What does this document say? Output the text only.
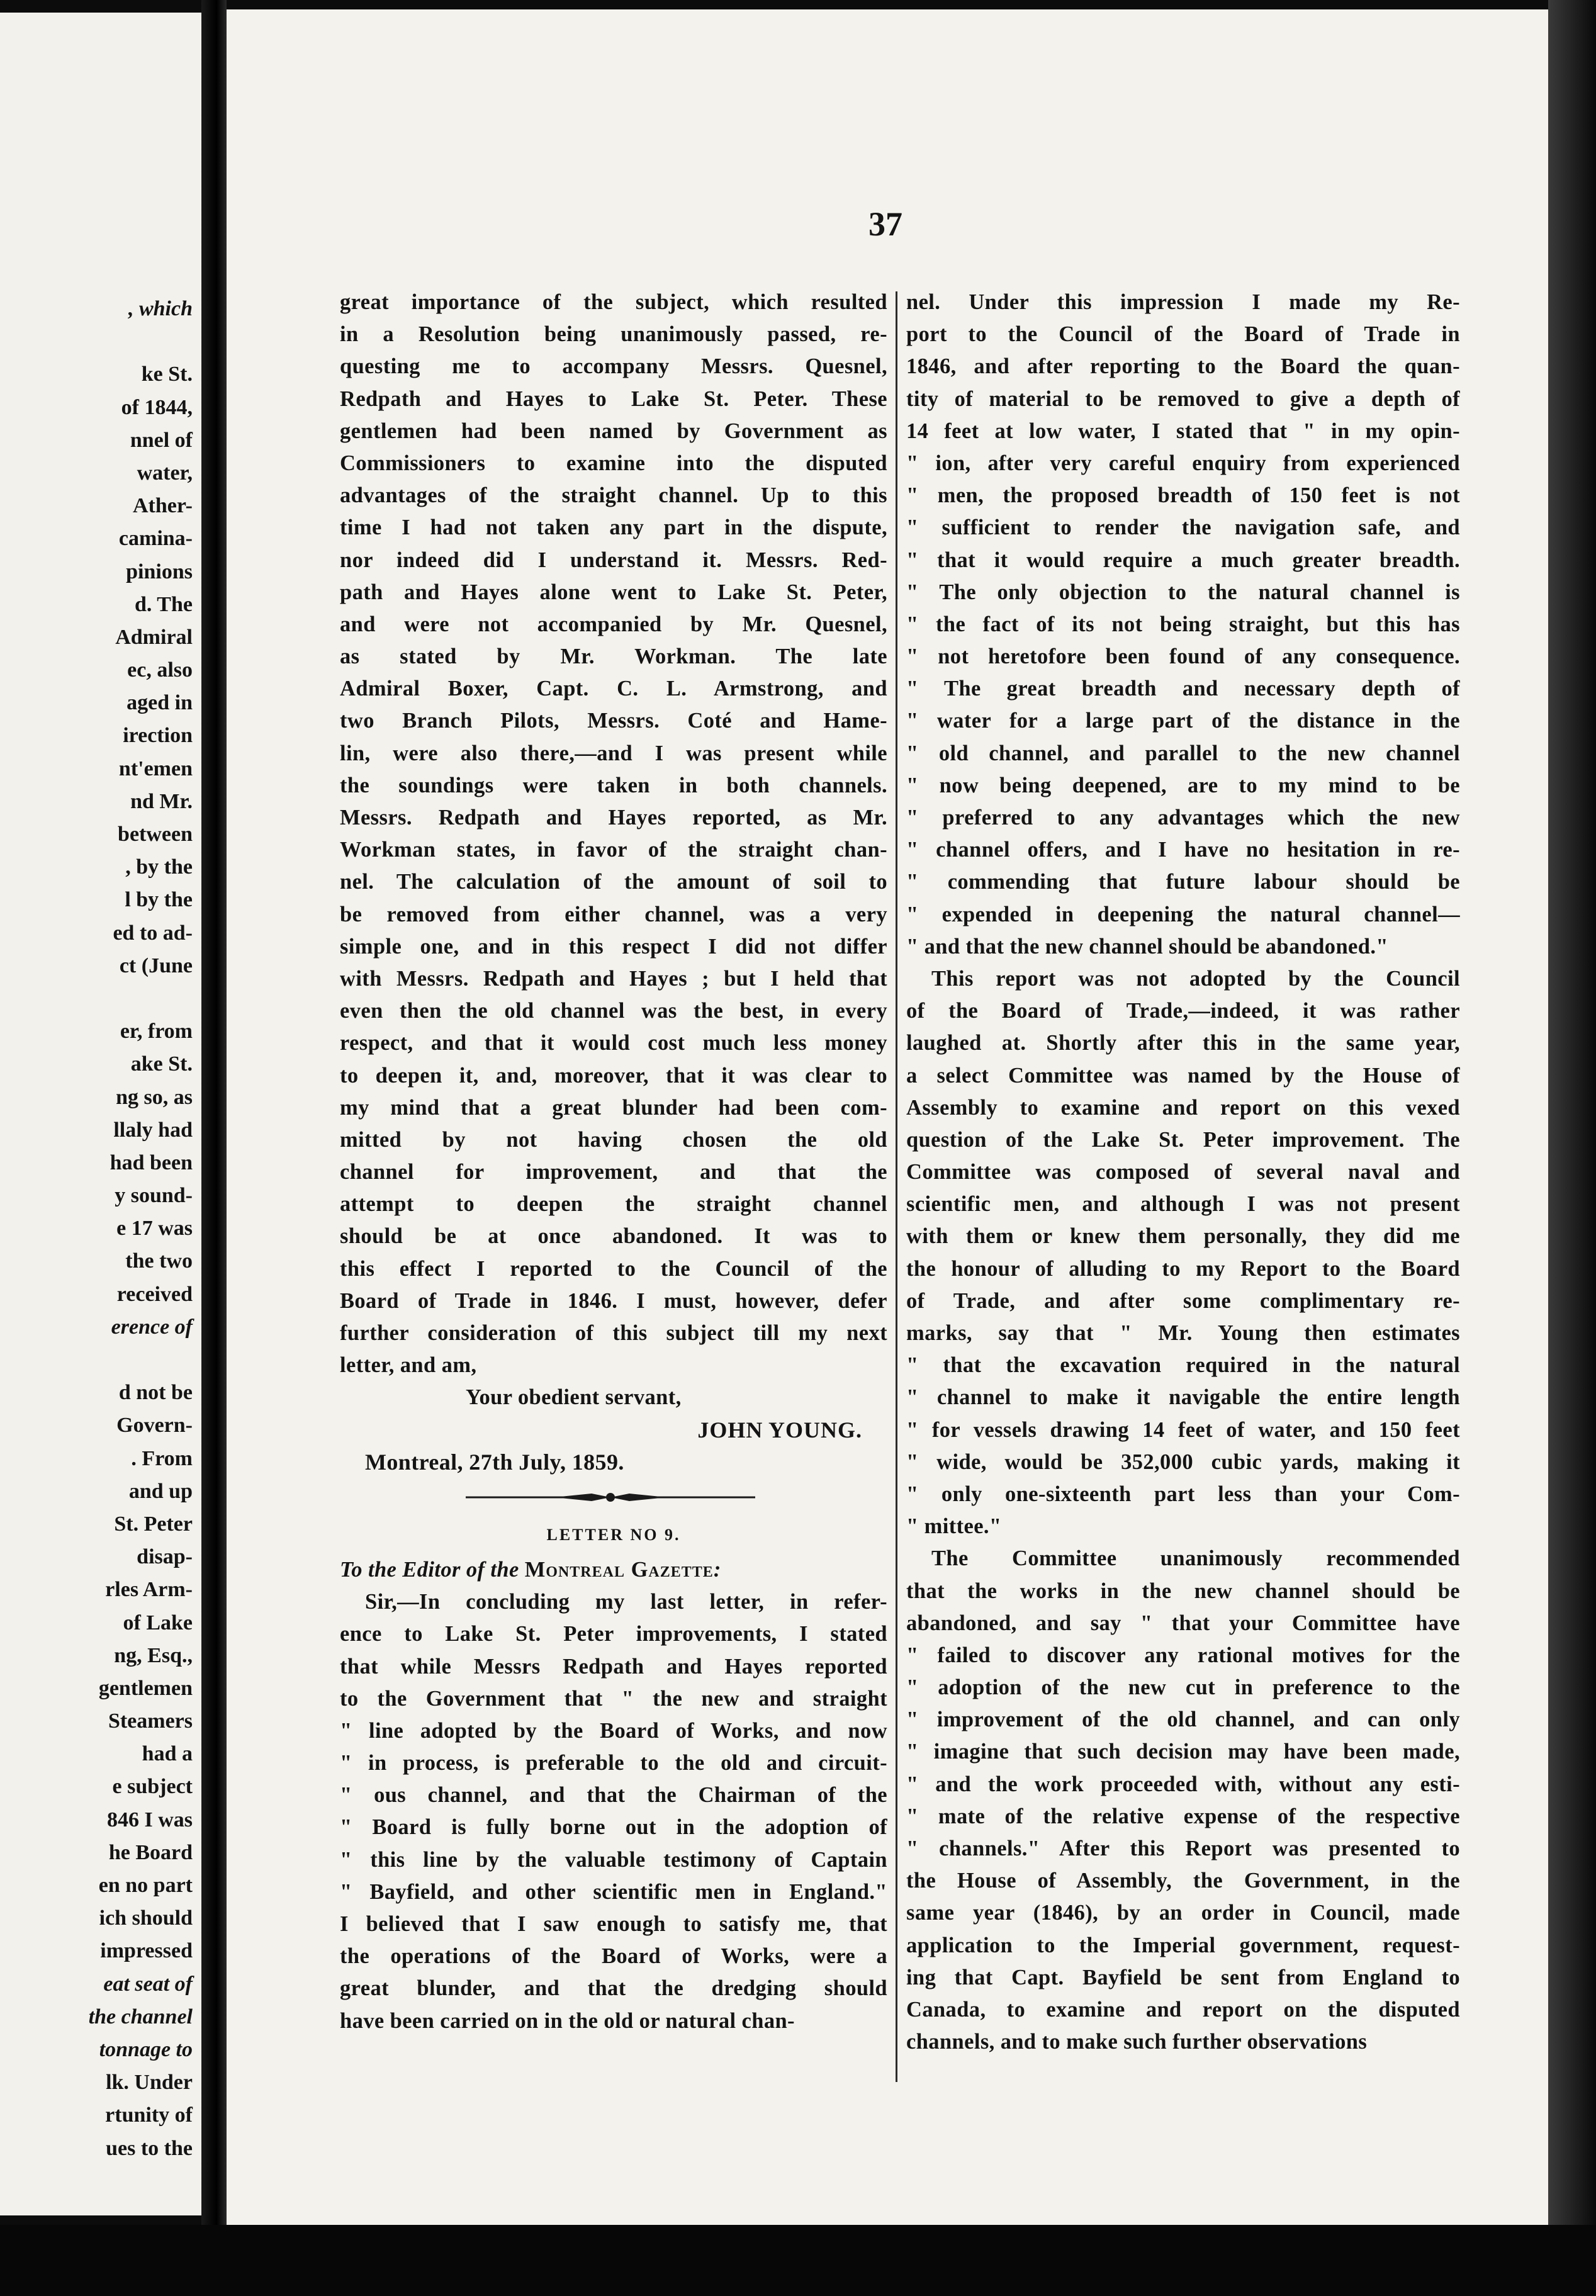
, which
ke St.
of 1844,
nnel of
water,
Ather-
camina-
pinions
d. The
Admiral
ec, also
aged in
irection
nt'emen
nd Mr.
between
, by the
l by the
ed to ad-
ct (June
er, from
ake St.
ng so, as
llaly had
had been
y sound-
e 17 was
the two
received
erence of
d not be
Govern-
. From
and up
St. Peter
disap-
rles Arm-
of Lake
ng, Esq.,
gentlemen
Steamers
had a
e subject
846 I was
he Board
en no part
ich should
impressed
eat seat of
the channel
tonnage to
lk. Under
rtunity of
ues to the
37
great importance of the subject, which resulted
in a Resolution being unanimously passed, re-
questing me to accompany Messrs. Quesnel,
Redpath and Hayes to Lake St. Peter. These
gentlemen had been named by Government as
Commissioners to examine into the disputed
advantages of the straight channel. Up to this
time I had not taken any part in the dispute,
nor indeed did I understand it. Messrs. Red-
path and Hayes alone went to Lake St. Peter,
and were not accompanied by Mr. Quesnel,
as stated by Mr. Workman. The late
Admiral Boxer, Capt. C. L. Armstrong, and
two Branch Pilots, Messrs. Coté and Hame-
lin, were also there,—and I was present while
the soundings were taken in both channels.
Messrs. Redpath and Hayes reported, as Mr.
Workman states, in favor of the straight chan-
nel. The calculation of the amount of soil to
be removed from either channel, was a very
simple one, and in this respect I did not differ
with Messrs. Redpath and Hayes ; but I held that
even then the old channel was the best, in every
respect, and that it would cost much less money
to deepen it, and, moreover, that it was clear to
my mind that a great blunder had been com-
mitted by not having chosen the old
channel for improvement, and that the
attempt to deepen the straight channel
should be at once abandoned. It was to
this effect I reported to the Council of the
Board of Trade in 1846. I must, however, defer
further consideration of this subject till my next
letter, and am,
Your obedient servant,
JOHN YOUNG.
Montreal, 27th July, 1859.
LETTER NO 9.
To the Editor of the Montreal Gazette:
Sir,—In concluding my last letter, in refer-
ence to Lake St. Peter improvements, I stated
that while Messrs Redpath and Hayes reported
to the Government that " the new and straight
" line adopted by the Board of Works, and now
" in process, is preferable to the old and circuit-
" ous channel, and that the Chairman of the
" Board is fully borne out in the adoption of
" this line by the valuable testimony of Captain
" Bayfield, and other scientific men in England."
I believed that I saw enough to satisfy me, that
the operations of the Board of Works, were a
great blunder, and that the dredging should
have been carried on in the old or natural chan-
nel. Under this impression I made my Re-
port to the Council of the Board of Trade in
1846, and after reporting to the Board the quan-
tity of material to be removed to give a depth of
14 feet at low water, I stated that " in my opin-
" ion, after very careful enquiry from experienced
" men, the proposed breadth of 150 feet is not
" sufficient to render the navigation safe, and
" that it would require a much greater breadth.
" The only objection to the natural channel is
" the fact of its not being straight, but this has
" not heretofore been found of any consequence.
" The great breadth and necessary depth of
" water for a large part of the distance in the
" old channel, and parallel to the new channel
" now being deepened, are to my mind to be
" preferred to any advantages which the new
" channel offers, and I have no hesitation in re-
" commending that future labour should be
" expended in deepening the natural channel—
" and that the new channel should be abandoned."
This report was not adopted by the Council
of the Board of Trade,—indeed, it was rather
laughed at. Shortly after this in the same year,
a select Committee was named by the House of
Assembly to examine and report on this vexed
question of the Lake St. Peter improvement. The
Committee was composed of several naval and
scientific men, and although I was not present
with them or knew them personally, they did me
the honour of alluding to my Report to the Board
of Trade, and after some complimentary re-
marks, say that " Mr. Young then estimates
" that the excavation required in the natural
" channel to make it navigable the entire length
" for vessels drawing 14 feet of water, and 150 feet
" wide, would be 352,000 cubic yards, making it
" only one-sixteenth part less than your Com-
" mittee."
The Committee unanimously recommended
that the works in the new channel should be
abandoned, and say " that your Committee have
" failed to discover any rational motives for the
" adoption of the new cut in preference to the
" improvement of the old channel, and can only
" imagine that such decision may have been made,
" and the work proceeded with, without any esti-
" mate of the relative expense of the respective
" channels." After this Report was presented to
the House of Assembly, the Government, in the
same year (1846), by an order in Council, made
application to the Imperial government, request-
ing that Capt. Bayfield be sent from England to
Canada, to examine and report on the disputed
channels, and to make such further observations
